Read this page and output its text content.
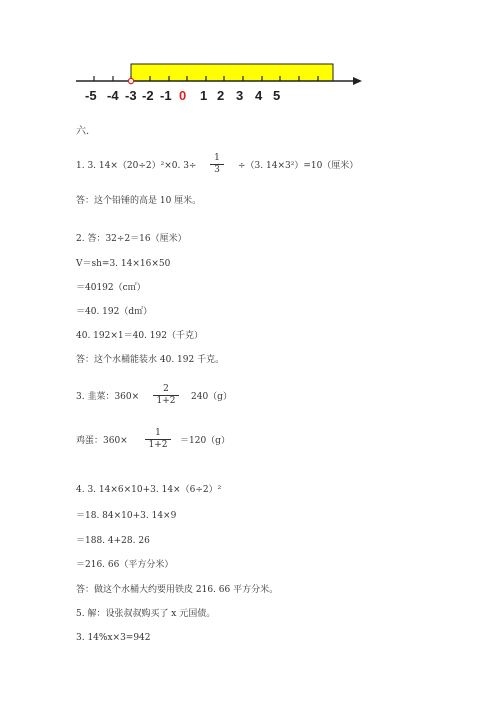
-5 -4 -3 -2 -1 0 1 2 3 4 5
六.
1. 3. 14×（20÷2）²×0. $3\div \frac{1}{3} \div(3$. 14×3²）=10（厘米）
答：这个铅锤的高是 10 厘米。
2. 答：32÷2＝16（厘米）
V＝sh=3. 14×16×50
＝40192（c㎡）
＝40. 192（d㎡）
40. 192×1＝40. 192（千克）
答：这个水桶能装水 40. 192 千克。
3. 韭菜：$360\times \frac{2}{1+2} 240(g)$
鸡蛋：$360\times \frac{1}{1+2} =120(g)$
4. 3. 14×6×10+3. 14×（6÷2）²
＝18. 84×10+3. 14×9
＝188. 4+28. 26
＝216. 66（平方分米）
答：做这个水桶大约要用铁皮 216. 66 平方分米。
5. 解：设张叔叔购买了 x 元国债。
3. 14%x×3=942
